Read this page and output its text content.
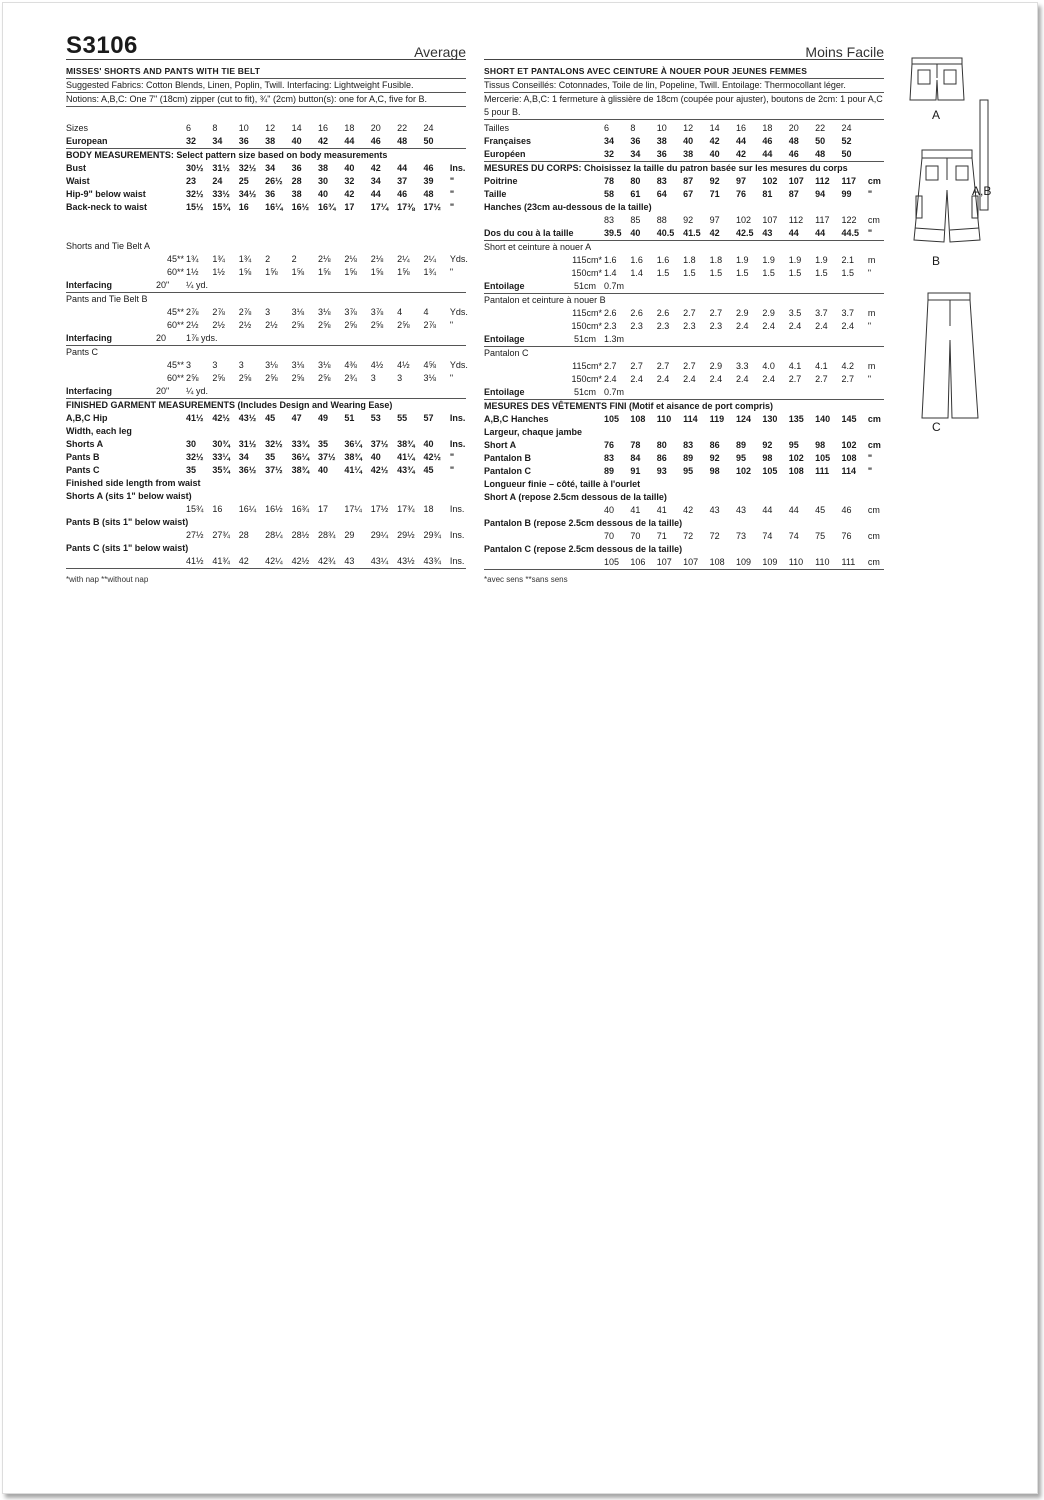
S3106	Average
MISSES' SHORTS AND PANTS WITH TIE BELT
Suggested Fabrics: Cotton Blends, Linen, Poplin, Twill. Interfacing: Lightweight Fusible.
Notions: A,B,C: One 7" (18cm) zipper (cut to fit), ¾" (2cm) button(s): one for A,C, five for B.
Sizes	6	8	10	12	14	16	18	20	22	24
European	32	34	36	38	40	42	44	46	48	50
BODY MEASUREMENTS: Select pattern size based on body measurements
Bust	30½ 31½ 32½ 34	36	38	40	42	44	46	Ins.
Waist	23	24	25	26½ 28	30	32	34	37	39	"
Hip-9" below waist	32½ 33½ 34½ 36	38	40	42	44	46	48	"
Back-neck to waist	15½ 15¾ 16	16¼ 16½ 16¾ 17	17¼ 17⅜ 17½ "
Shorts and Tie Belt A
45** 1¾	1¾	1¾	2	2	2⅛	2⅛	2⅛	2¼	2¼	Yds.
60** 1½	1½	1⅝	1⅝	1⅝	1⅝	1⅝	1⅝	1⅝	1¾	"
Interfacing	20"	¼ yd.
Pants and Tie Belt B
45** 2⅞	2⅞	2⅞	3	3⅛	3⅛	3⅞	3⅞	4	4	Yds.
60** 2½	2½	2½	2½	2⅝	2⅝	2⅝	2⅝	2⅝	2⅞	"
Interfacing	20	1⅞ yds.
Pants C
45** 3	3	3	3⅛	3⅛	3⅛	4⅜	4½	4½	4⅝	Yds.
60** 2⅝	2⅝	2⅝	2⅝	2⅝	2⅝	2¾	3	3	3⅛	"
Interfacing	20"	¼ yd.
FINISHED GARMENT MEASUREMENTS (Includes Design and Wearing Ease)
A,B,C Hip	41½ 42½ 43½ 45	47	49	51	53	55	57	Ins.
Width, each leg
Shorts A	30	30¾ 31½ 32½ 33¾ 35	36¼ 37½ 38¾ 40	Ins.
Pants B	32½ 33¼ 34	35	36¼ 37½ 38¾ 40	41¼ 42½ "
Pants C	35	35¾ 36½ 37½ 38¾ 40	41¼ 42½ 43¾ 45	"
Finished side length from waist
Shorts A (sits 1" below waist)
15¾ 16	16¼ 16½ 16¾ 17	17¼ 17½ 17¾ 18	Ins.
Pants B (sits 1" below waist)
27½ 27¾ 28	28¼ 28½ 28¾ 29	29¼ 29½ 29¾ Ins.
Pants C (sits 1" below waist)
41½ 41¾ 42	42¼ 42½ 42¾ 43	43¼ 43½ 43¾ Ins.
*with nap **without nap
Moins Facile
SHORT ET PANTALONS AVEC CEINTURE À NOUER POUR JEUNES FEMMES
Tissus Conseillés: Cotonnades, Toile de lin, Popeline, Twill. Entoilage: Thermocollant léger.
Mercerie: A,B,C: 1 fermeture à glissière de 18cm (coupée pour ajuster), boutons de 2cm: 1 pour A,C 5 pour B.
Tailles	6	8	10	12	14	16	18	20	22	24
Françaises	34	36	38	40	42	44	46	48	50	52
Européen	32	34	36	38	40	42	44	46	48	50
MESURES DU CORPS: Choisissez la taille du patron basée sur les mesures du corps
Poitrine	78	80	83	87	92	97	102	107	112	117	cm
Taille	58	61	64	67	71	76	81	87	94	99	"
Hanches (23cm au-dessous de la taille)
83	85	88	92	97	102	107	112	117	122	cm
Dos du cou à la taille	39.5 40	40.5 41.5 42	42.5 43	44	44	44.5 "
Short et ceinture à nouer A
115cm* 1.6	1.6	1.6	1.8	1.8	1.9	1.9	1.9	1.9	2.1	m
150cm* 1.4	1.4	1.5	1.5	1.5	1.5	1.5	1.5	1.5	1.5	"
Entoilage	51cm 0.7m
Pantalon et ceinture à nouer B
115cm* 2.6	2.6	2.6	2.7	2.7	2.9	2.9	3.5	3.7	3.7	m
150cm* 2.3	2.3	2.3	2.3	2.3	2.4	2.4	2.4	2.4	2.4	"
Entoilage	51cm 1.3m
Pantalon C
115cm* 2.7	2.7	2.7	2.7	2.9	3.3	4.0	4.1	4.1	4.2	m
150cm* 2.4	2.4	2.4	2.4	2.4	2.4	2.4	2.7	2.7	2.7	"
Entoilage	51cm 0.7m
MESURES DES VÊTEMENTS FINI (Motif et aisance de port compris)
A,B,C Hanches	105	108	110	114	119	124	130	135	140	145	cm
Largeur, chaque jambe
Short A	76	78	80	83	86	89	92	95	98	102	cm
Pantalon B	83	84	86	89	92	95	98	102	105	108	"
Pantalon C	89	91	93	95	98	102	105	108	111	114	"
Longueur finie – côté, taille à l'ourlet
Short A (repose 2.5cm dessous de la taille)
40	41	41	42	43	43	44	44	45	46	cm
Pantalon B (repose 2.5cm dessous de la taille)
70	70	71	72	72	73	74	74	75	76	cm
Pantalon C (repose 2.5cm dessous de la taille)
105	106	107	107	108	109	109	110	110	111	cm
*avec sens **sans sens
A
A,B
B
C
